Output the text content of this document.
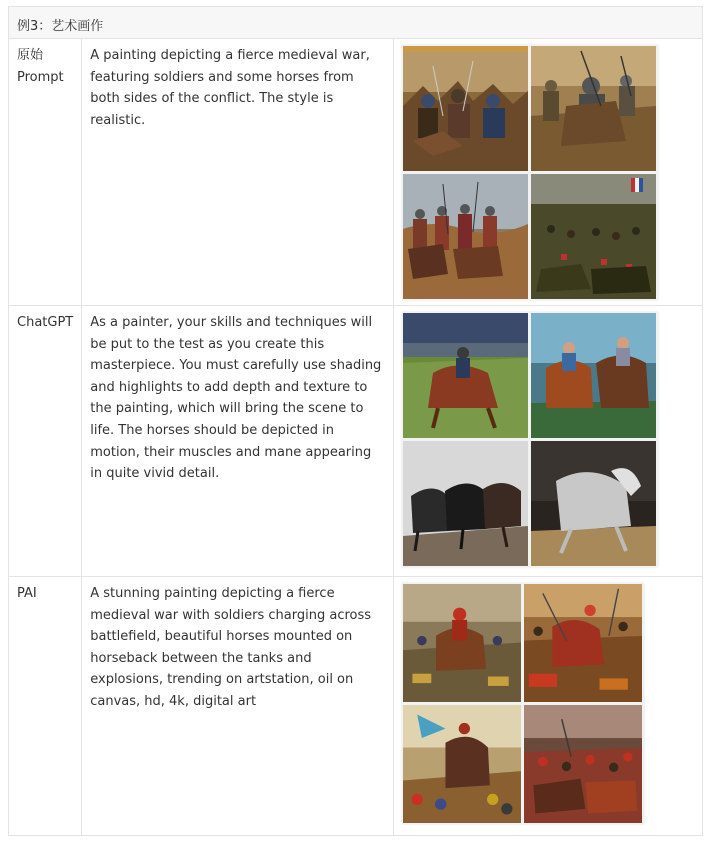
例3：艺术画作		

原始
Prompt	A painting depicting a fierce medieval war, featuring soldiers and some horses from both sides of the conflict. The style is realistic.	

ChatGPT	As a painter, your skills and techniques will be put to the test as you create this masterpiece. You must carefully use shading and highlights to add depth and texture to the painting, which will bring the scene to life. The horses should be depicted in motion, their muscles and mane appearing in quite vivid detail.	

PAI	A stunning painting depicting a fierce medieval war with soldiers charging across battlefield, beautiful horses mounted on horseback between the tanks and explosions, trending on artstation, oil on canvas, hd, 4k, digital art	
